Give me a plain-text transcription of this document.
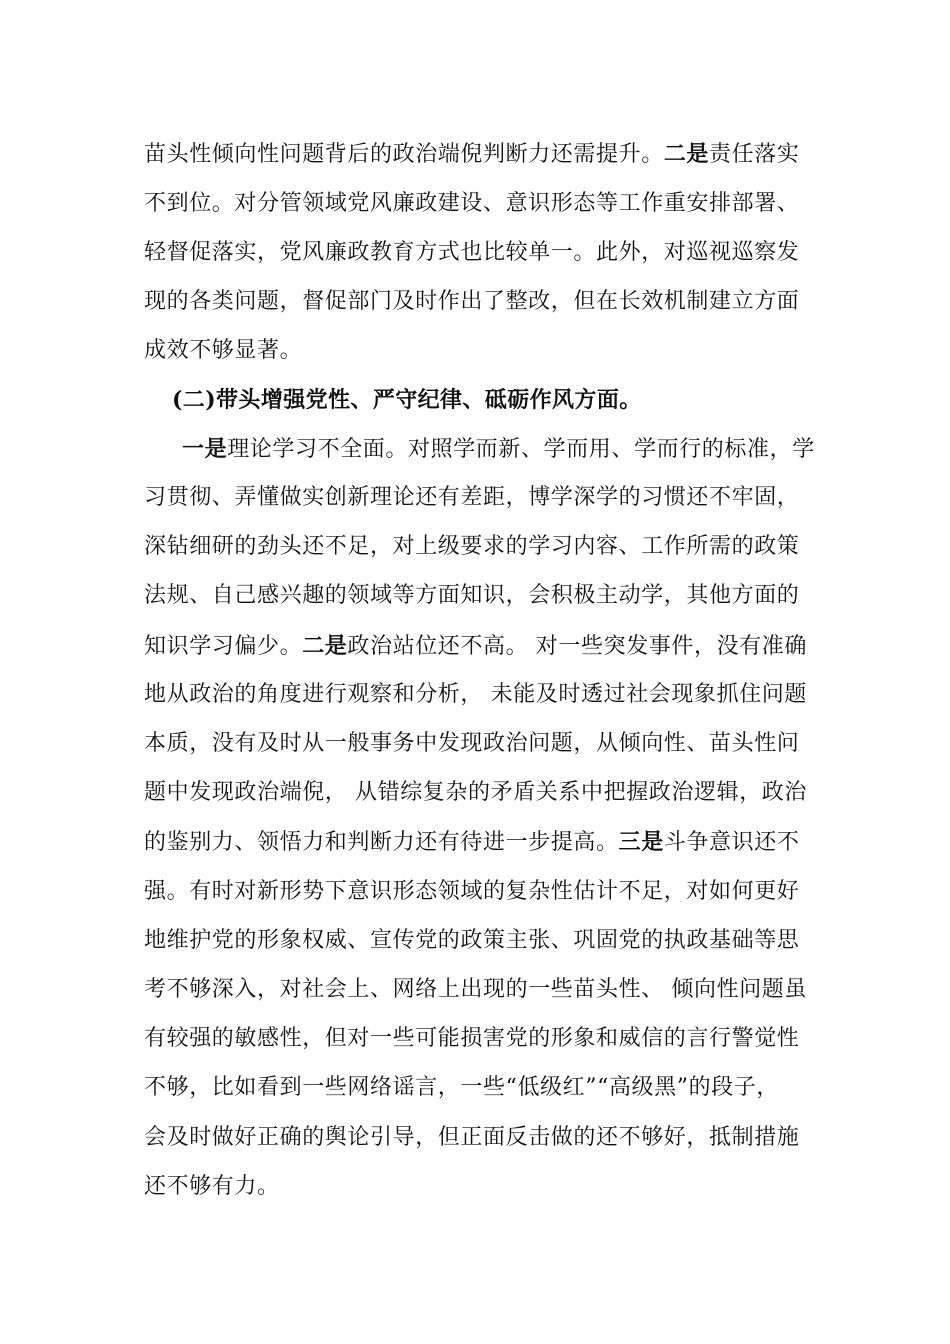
苗头性倾向性问题背后的政治端倪判断力还需提升。二是责任落实
不到位。对分管领域党风廉政建设、意识形态等工作重安排部署、
轻督促落实，党风廉政教育方式也比较单一。此外，对巡视巡察发
现的各类问题，督促部门及时作出了整改，但在长效机制建立方面
成效不够显著。
(二)带头增强党性、严守纪律、砥砺作风方面。
一是理论学习不全面。对照学而新、学而用、学而行的标准，学
习贯彻、弄懂做实创新理论还有差距，博学深学的习惯还不牢固，
深钻细研的劲头还不足，对上级要求的学习内容、工作所需的政策
法规、自己感兴趣的领域等方面知识，会积极主动学，其他方面的
知识学习偏少。二是政治站位还不高。 对一些突发事件，没有准确
地从政治的角度进行观察和分析， 未能及时透过社会现象抓住问题
本质，没有及时从一般事务中发现政治问题，从倾向性、苗头性问
题中发现政治端倪， 从错综复杂的矛盾关系中把握政治逻辑，政治
的鉴别力、领悟力和判断力还有待进一步提高。三是斗争意识还不
强。有时对新形势下意识形态领域的复杂性估计不足，对如何更好
地维护党的形象权威、宣传党的政策主张、巩固党的执政基础等思
考不够深入，对社会上、网络上出现的一些苗头性、 倾向性问题虽
有较强的敏感性，但对一些可能损害党的形象和威信的言行警觉性
不够，比如看到一些网络谣言，一些“低级红”“高级黑”的段子，
会及时做好正确的舆论引导，但正面反击做的还不够好，抵制措施
还不够有力。
